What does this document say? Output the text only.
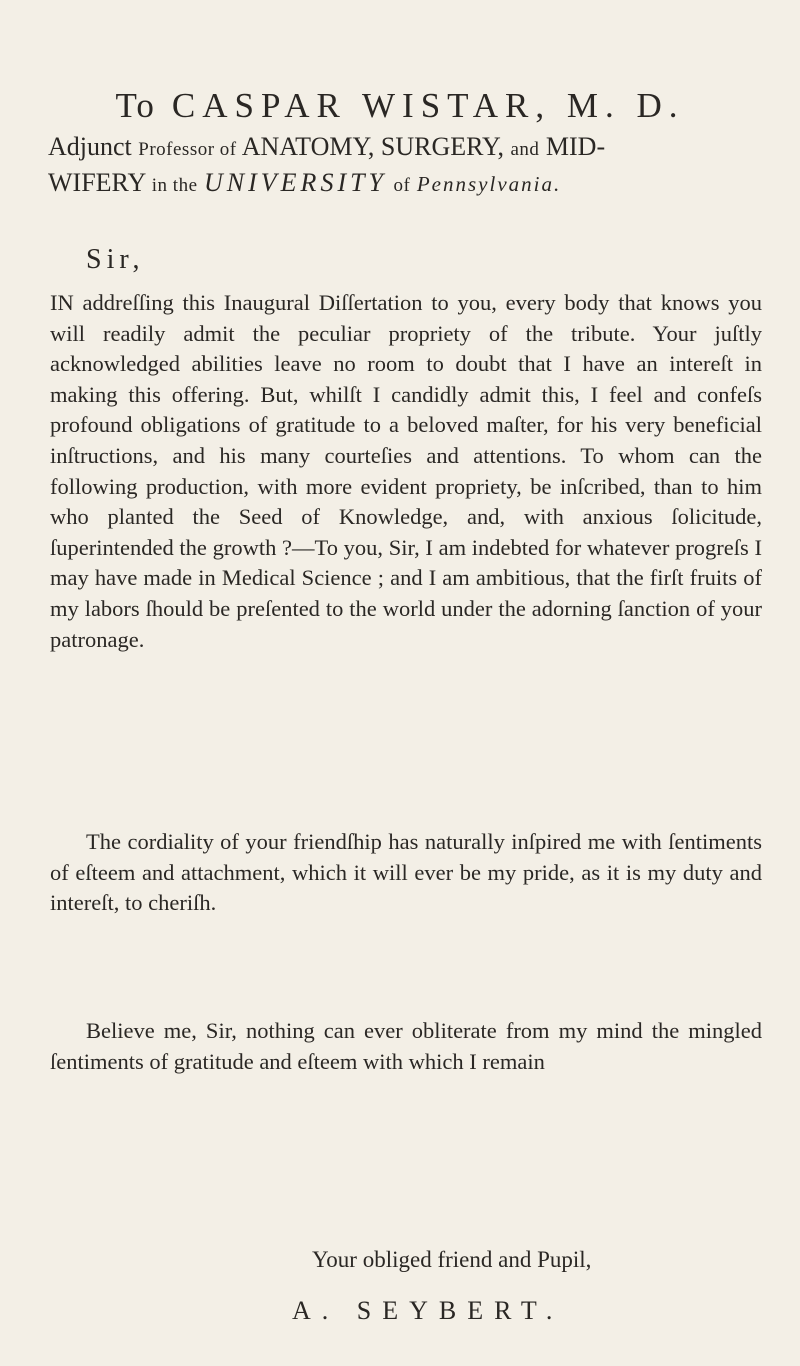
To CASPAR WISTAR, M. D.
Adjunct Professor of ANATOMY, SURGERY, and MID-
WIFERY in the UNIVERSITY of Pennsylvania.
Sir,

IN addreſſing this Inaugural Diſſertation to you, every body that knows you will readily admit the peculiar propriety of the tribute. Your juſtly acknowledged abilities leave no room to doubt that I have an intereſt in making this offering. But, whilſt I candidly admit this, I feel and confeſs profound obligations of gratitude to a beloved maſter, for his very beneficial inſtructions, and his many courteſies and attentions. To whom can the following production, with more evident propriety, be inſcribed, than to him who planted the Seed of Knowledge, and, with anxious ſolicitude, ſuperintended the growth ?—To you, Sir, I am indebted for whatever progreſs I may have made in Medical Science ; and I am ambitious, that the firſt fruits of my labors ſhould be preſented to the world under the adorning ſanction of your patronage.

The cordiality of your friendſhip has naturally inſpired me with ſentiments of eſteem and attachment, which it will ever be my pride, as it is my duty and intereſt, to cheriſh.

Believe me, Sir, nothing can ever obliterate from my mind the mingled ſentiments of gratitude and eſteem with which I remain

Your obliged friend and Pupil,
A. SEYBERT.
